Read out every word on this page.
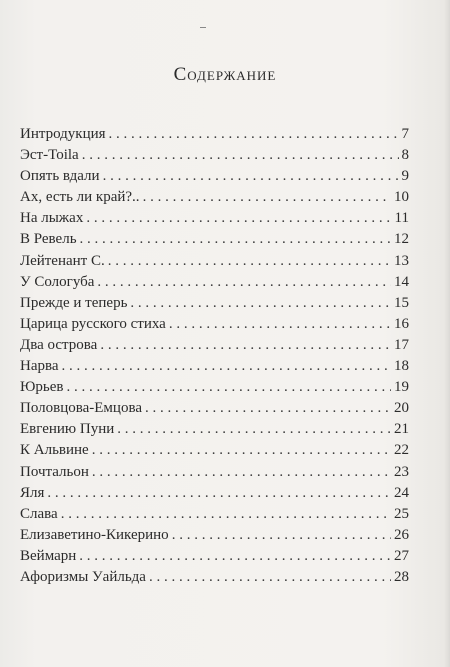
Содержание
Интродукция . . .	7
Эст-Toila . . .	8
Опять вдали . . .	9
Ах, есть ли край?.. . . .	10
На лыжах . . .	11
В Ревель . . .	12
Лейтенант С. . . .	13
У Сологуба . . .	14
Прежде и теперь . . .	15
Царица русского стиха . . .	16
Два острова . . .	17
Нарва . . .	18
Юрьев . . .	19
Половцова-Емцова . . .	20
Евгению Пуни . . .	21
К Альвине . . .	22
Почтальон . . .	23
Яля . . .	24
Слава . . .	25
Елизаветино-Кикерино . . .	26
Веймарн . . .	27
Афоризмы Уайльда . . .	28
